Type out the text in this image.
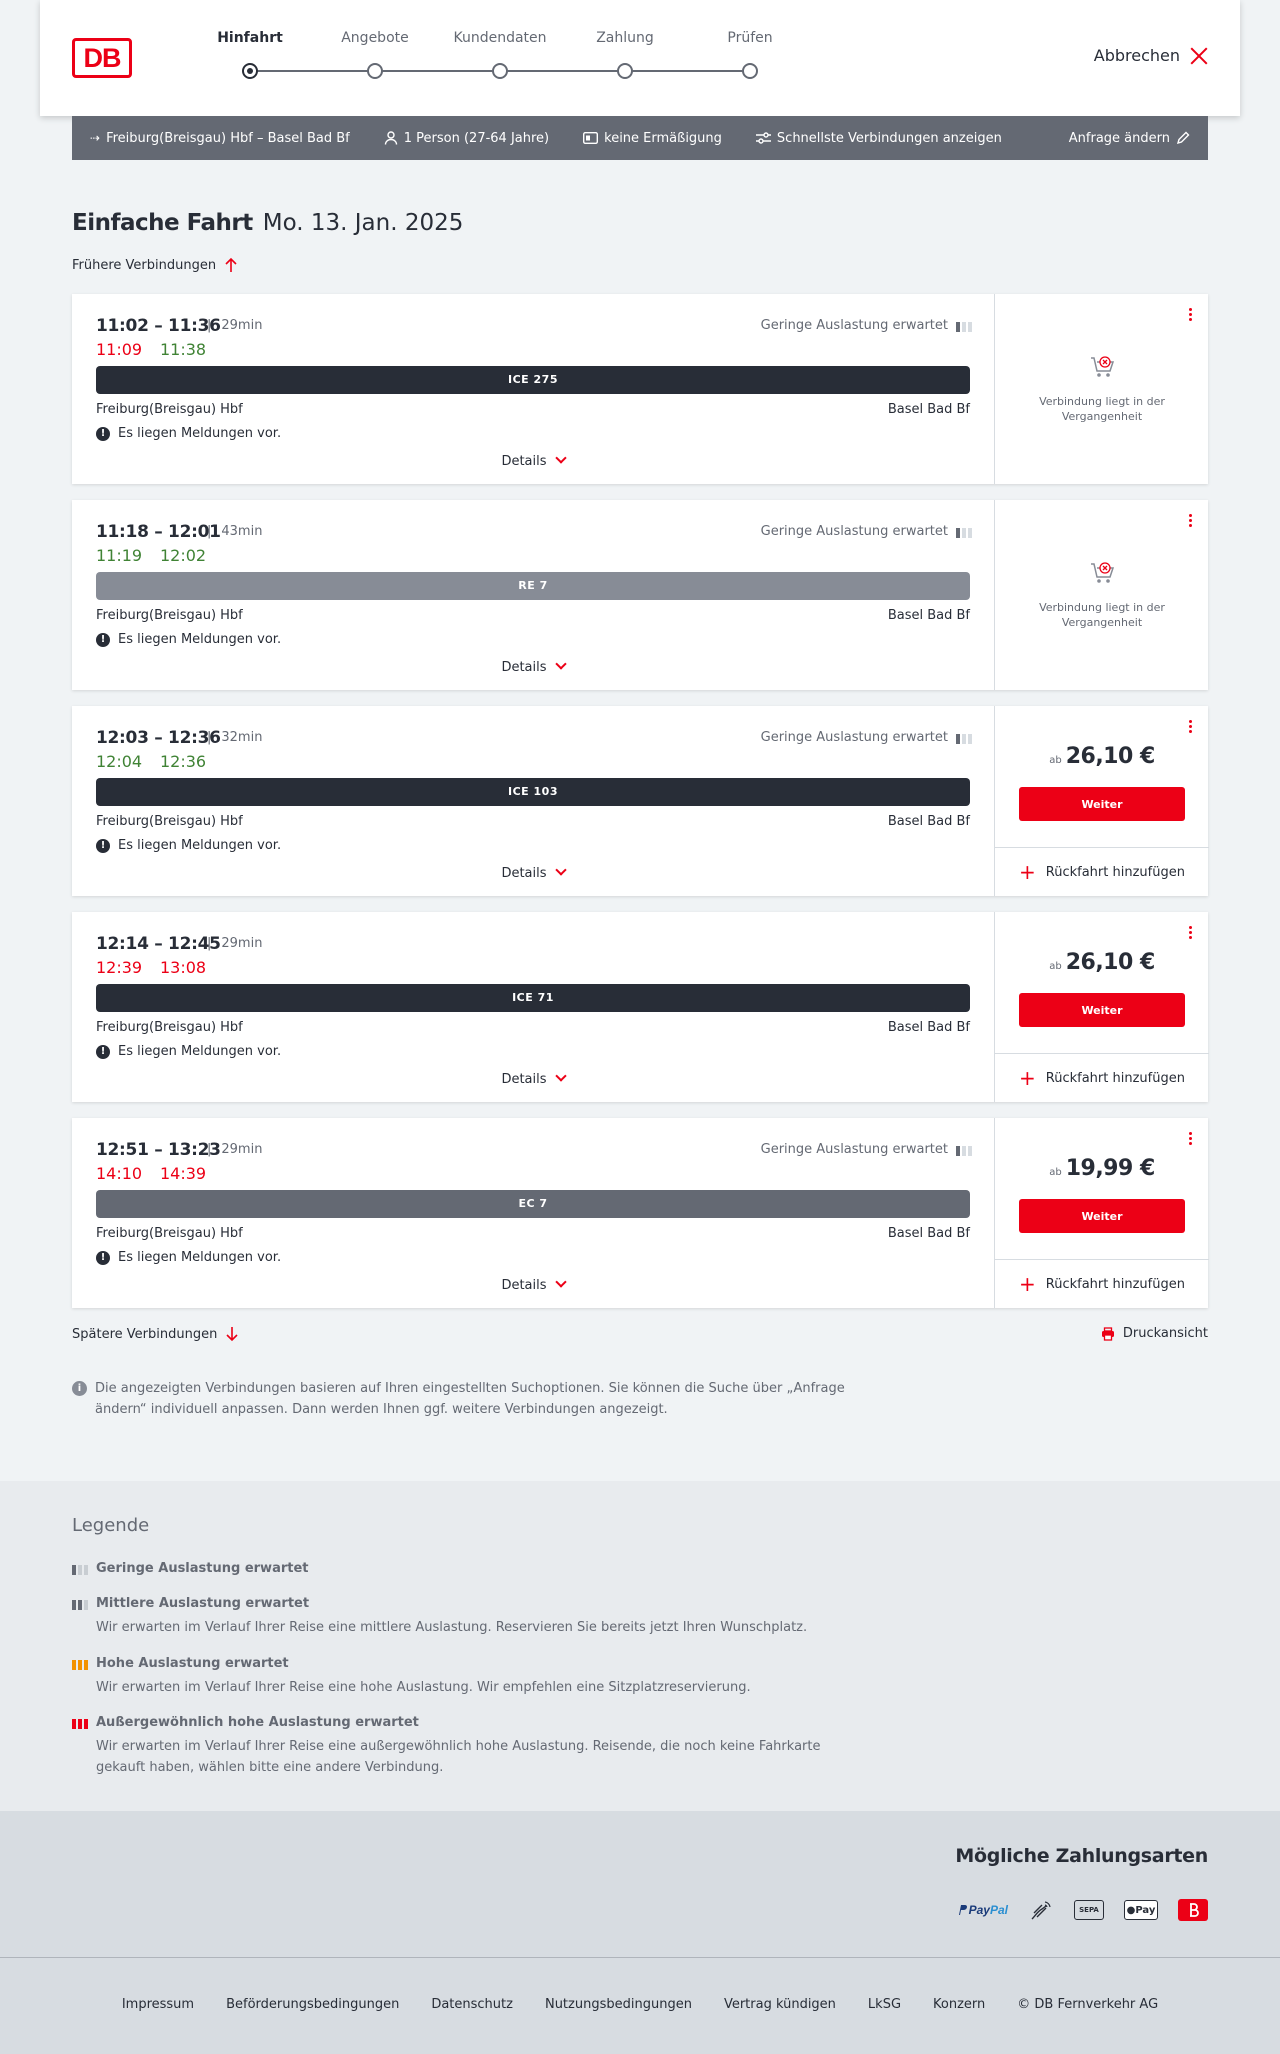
DB
Hinfahrt	Angebote	Kundendaten	Zahlung	Prüfen
Abbrechen
⇢ Freiburg(Breisgau) Hbf – Basel Bad Bf	1 Person (27-64 Jahre)	keine Ermäßigung	Schnellste Verbindungen anzeigen	Anfrage ändern
Einfache Fahrt Mo. 13. Jan. 2025
Frühere Verbindungen
11:02 – 11:36 | 29min
11:09 11:38
Geringe Auslastung erwartet
ICE 275
Freiburg(Breisgau) Hbf	Basel Bad Bf
! Es liegen Meldungen vor.
Details
Verbindung liegt in der Vergangenheit
11:18 – 12:01 | 43min
11:19 12:02
Geringe Auslastung erwartet
RE 7
Freiburg(Breisgau) Hbf	Basel Bad Bf
! Es liegen Meldungen vor.
Details
Verbindung liegt in der Vergangenheit
12:03 – 12:36 | 32min
12:04 12:36
Geringe Auslastung erwartet
ICE 103
Freiburg(Breisgau) Hbf	Basel Bad Bf
! Es liegen Meldungen vor.
Details
ab 26,10 €
Weiter
+ Rückfahrt hinzufügen
12:14 – 12:45 | 29min
12:39 13:08
ICE 71
Freiburg(Breisgau) Hbf	Basel Bad Bf
! Es liegen Meldungen vor.
Details
ab 26,10 €
Weiter
+ Rückfahrt hinzufügen
12:51 – 13:23 | 29min
14:10 14:39
Geringe Auslastung erwartet
EC 7
Freiburg(Breisgau) Hbf	Basel Bad Bf
! Es liegen Meldungen vor.
Details
ab 19,99 €
Weiter
+ Rückfahrt hinzufügen
Spätere Verbindungen	Druckansicht
i	Die angezeigten Verbindungen basieren auf Ihren eingestellten Suchoptionen. Sie können die Suche über „Anfrage ändern“ individuell anpassen. Dann werden Ihnen ggf. weitere Verbindungen angezeigt.
Legende
Geringe Auslastung erwartet
Mittlere Auslastung erwartet
Wir erwarten im Verlauf Ihrer Reise eine mittlere Auslastung. Reservieren Sie bereits jetzt Ihren Wunschplatz.
Hohe Auslastung erwartet
Wir erwarten im Verlauf Ihrer Reise eine hohe Auslastung. Wir empfehlen eine Sitzplatzreservierung.
Außergewöhnlich hohe Auslastung erwartet
Wir erwarten im Verlauf Ihrer Reise eine außergewöhnlich hohe Auslastung. Reisende, die noch keine Fahrkarte gekauft haben, wählen bitte eine andere Verbindung.
Mögliche Zahlungsarten
Pay Pal	SEPA	● Pay
Impressum Beförderungsbedingungen Datenschutz Nutzungsbedingungen Vertrag kündigen LkSG Konzern © DB Fernverkehr AG
